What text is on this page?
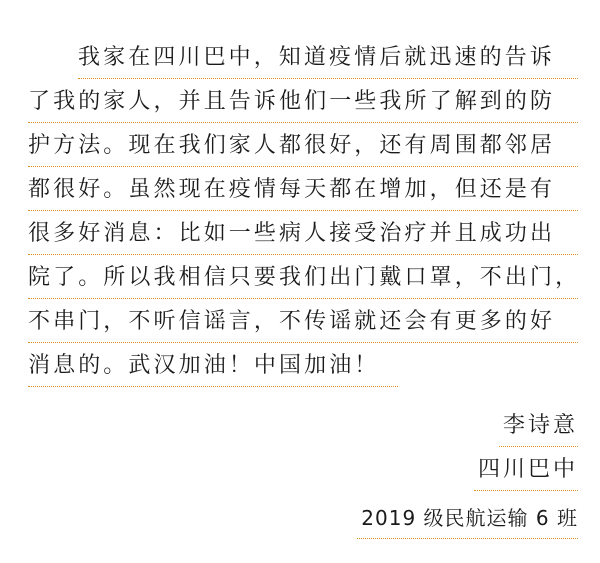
我家在四川巴中，知道疫情后就迅速的告诉
了我的家人，并且告诉他们一些我所了解到的防
护方法。现在我们家人都很好，还有周围都邻居
都很好。虽然现在疫情每天都在增加，但还是有
很多好消息：比如一些病人接受治疗并且成功出
院了。所以我相信只要我们出门戴口罩，不出门，
不串门，不听信谣言，不传谣就还会有更多的好
消息的。武汉加油！中国加油！
李诗意
四川巴中
2019 级民航运输 6 班
